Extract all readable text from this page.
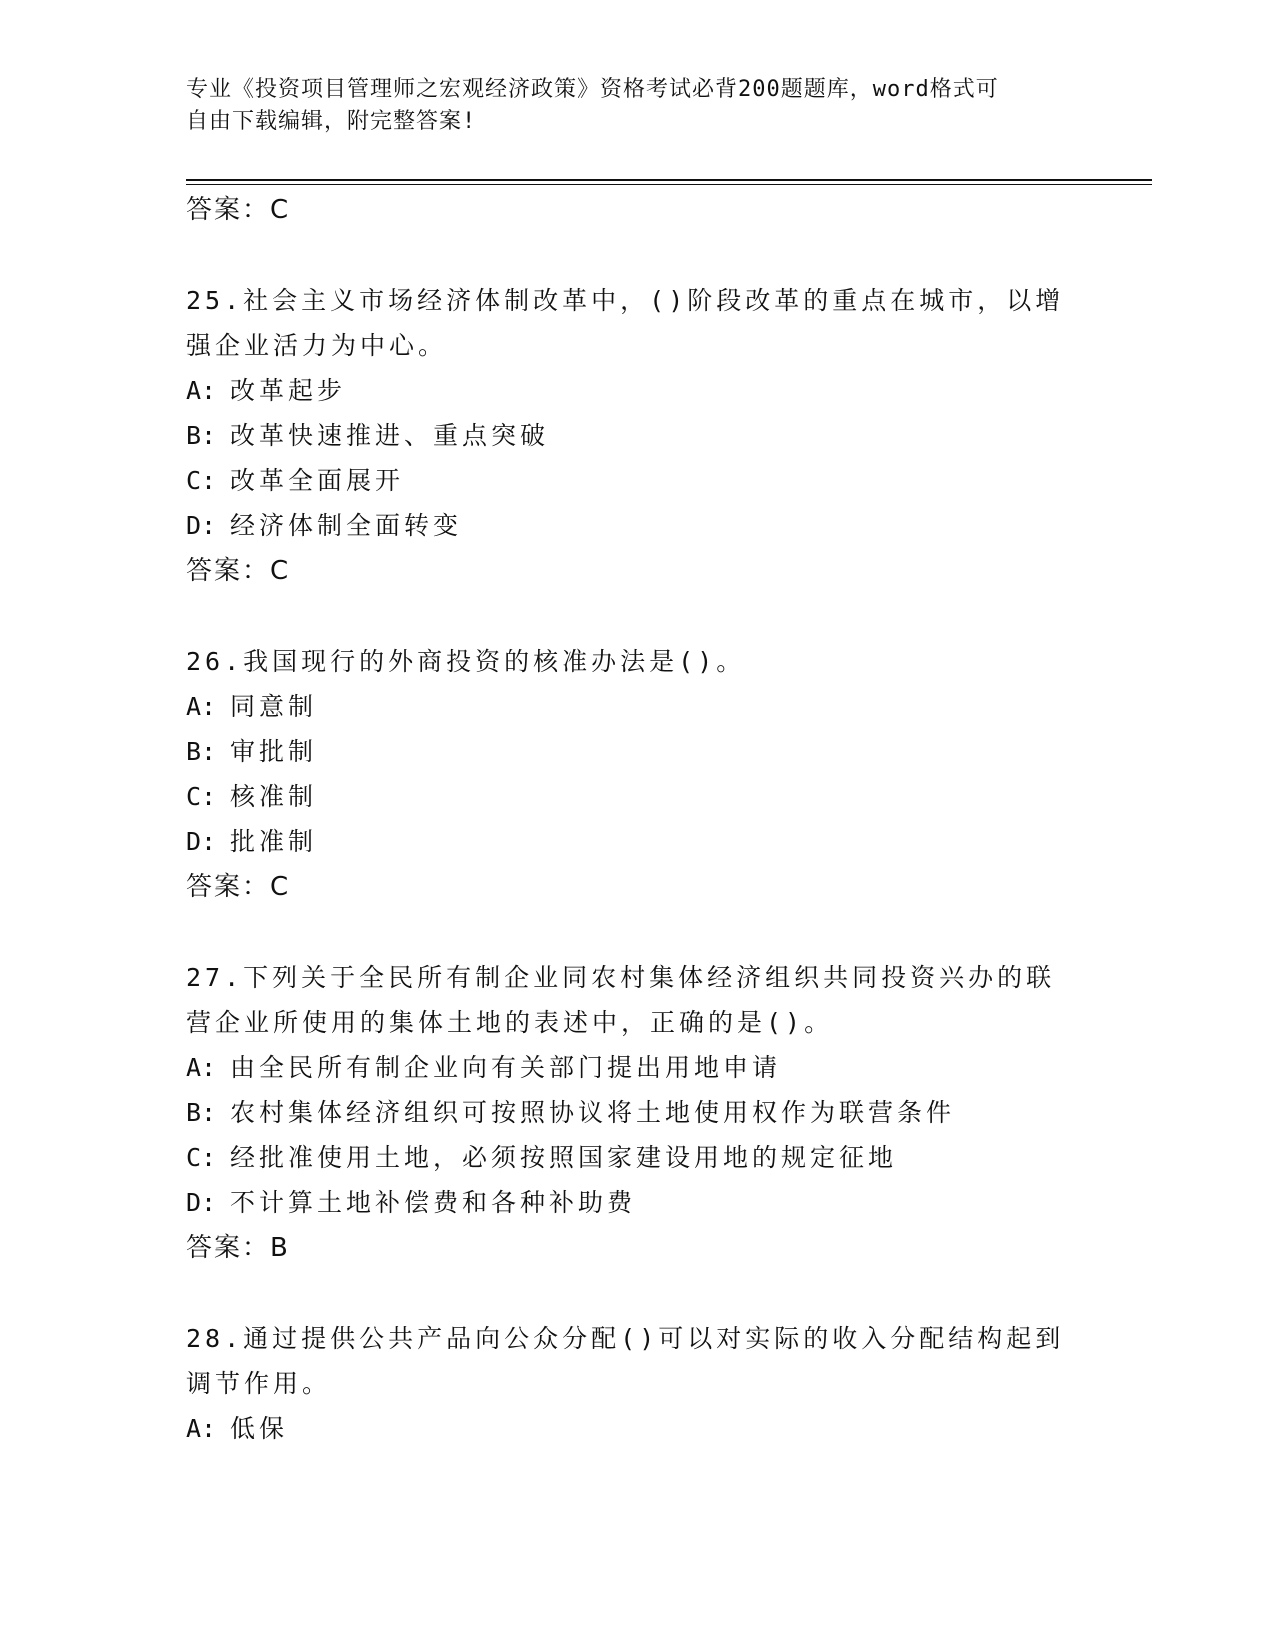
专业《投资项目管理师之宏观经济政策》资格考试必背200题题库，word格式可

自由下载编辑，附完整答案!

答案：C

25.社会主义市场经济体制改革中，()阶段改革的重点在城市，以增强企业活力为中心。

A: 改革起步

B: 改革快速推进、重点突破

C: 改革全面展开

D: 经济体制全面转变

答案：C

26.我国现行的外商投资的核准办法是()。

A: 同意制

B: 审批制

C: 核准制

D: 批准制

答案：C

27.下列关于全民所有制企业同农村集体经济组织共同投资兴办的联营企业所使用的集体土地的表述中，正确的是()。

A: 由全民所有制企业向有关部门提出用地申请

B: 农村集体经济组织可按照协议将土地使用权作为联营条件

C: 经批准使用土地，必须按照国家建设用地的规定征地

D: 不计算土地补偿费和各种补助费

答案：B

28.通过提供公共产品向公众分配()可以对实际的收入分配结构起到调节作用。

A: 低保
